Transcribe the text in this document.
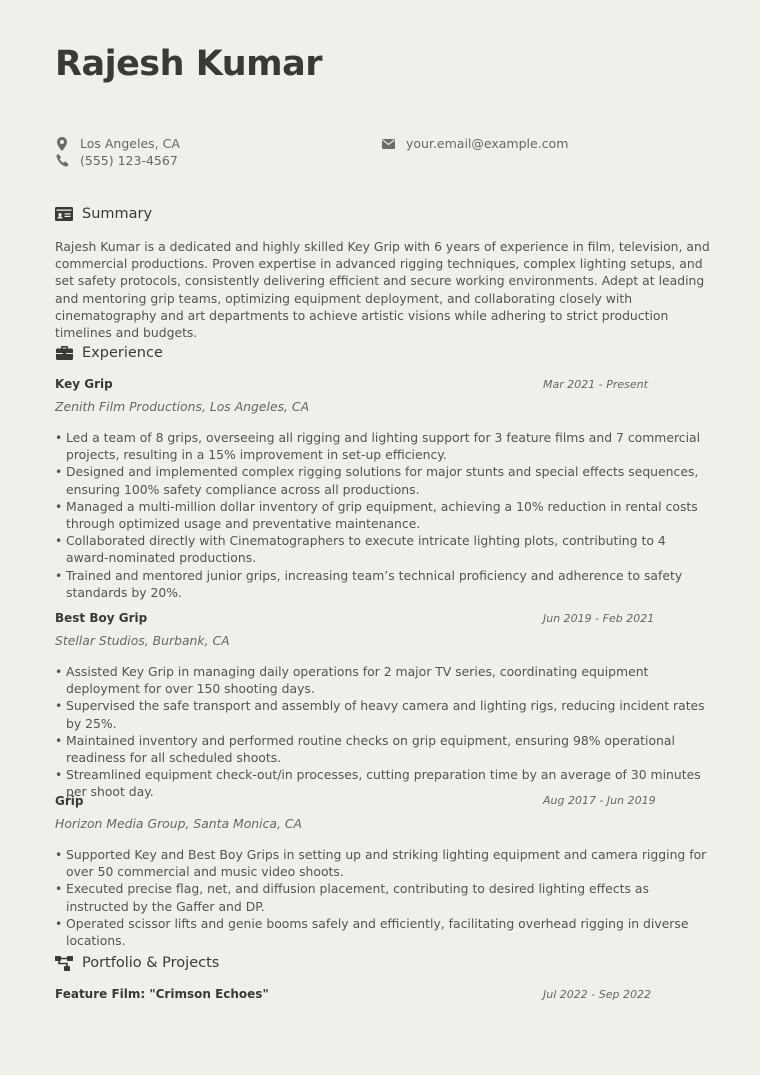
Rajesh Kumar
Los Angeles, CA
(555) 123-4567
your.email@example.com
Summary

Rajesh Kumar is a dedicated and highly skilled Key Grip with 6 years of experience in film, television, and commercial productions. Proven expertise in advanced rigging techniques, complex lighting setups, and set safety protocols, consistently delivering efficient and secure working environments. Adept at leading and mentoring grip teams, optimizing equipment deployment, and collaborating closely with cinematography and art departments to achieve artistic visions while adhering to strict production timelines and budgets.

Experience
Key Grip	Mar 2021 - Present
Zenith Film Productions, Los Angeles, CA
• Led a team of 8 grips, overseeing all rigging and lighting support for 3 feature films and 7 commercial projects, resulting in a 15% improvement in set-up efficiency.
• Designed and implemented complex rigging solutions for major stunts and special effects sequences, ensuring 100% safety compliance across all productions.
• Managed a multi-million dollar inventory of grip equipment, achieving a 10% reduction in rental costs through optimized usage and preventative maintenance.
• Collaborated directly with Cinematographers to execute intricate lighting plots, contributing to 4 award-nominated productions.
• Trained and mentored junior grips, increasing team’s technical proficiency and adherence to safety standards by 20%.
Best Boy Grip	Jun 2019 - Feb 2021
Stellar Studios, Burbank, CA
• Assisted Key Grip in managing daily operations for 2 major TV series, coordinating equipment deployment for over 150 shooting days.
• Supervised the safe transport and assembly of heavy camera and lighting rigs, reducing incident rates by 25%.
• Maintained inventory and performed routine checks on grip equipment, ensuring 98% operational readiness for all scheduled shoots.
• Streamlined equipment check-out/in processes, cutting preparation time by an average of 30 minutes per shoot day.
Grip	Aug 2017 - Jun 2019
Horizon Media Group, Santa Monica, CA
• Supported Key and Best Boy Grips in setting up and striking lighting equipment and camera rigging for over 50 commercial and music video shoots.
• Executed precise flag, net, and diffusion placement, contributing to desired lighting effects as instructed by the Gaffer and DP.
• Operated scissor lifts and genie booms safely and efficiently, facilitating overhead rigging in diverse locations.
Portfolio & Projects
Feature Film: "Crimson Echoes"	Jul 2022 - Sep 2022
